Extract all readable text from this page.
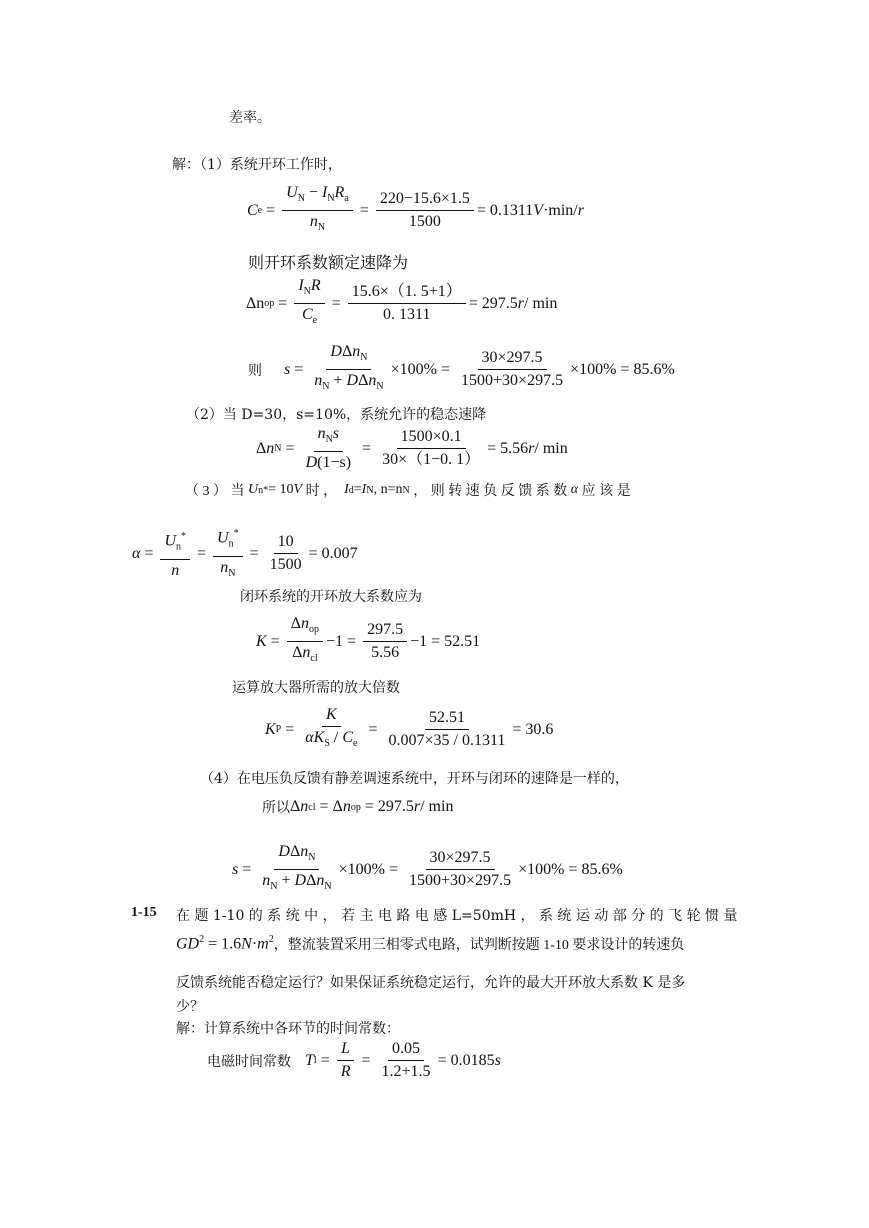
差率。
解：（1）系统开环工作时，
C $e = \frac{U_N - I_NR_a}{n_N} = \frac{220-15.6\times 1.5}{1500} = 0.1311$ V ·min/ r
则开环系数额定速降为
Δn op = $\frac{I_NR}{C_e} = \frac{15.6\times(1. 5+1)}{0. 1311} = 297.5$ r / min
则 $s = \frac{D\Delta n_N}{n_N + D\Delta n_N} \times 100\% = \frac{30\times 297.5}{1500+30\times 297.5} \times 100\% = 85.6\%$
（2）当 D=30，s=10%，系统允许的稳态速降
Δ n $N = \frac{n_Ns}{D(1-s)} = \frac{1500\times 0.1}{30\times(1-0. 1)} = 5.56$ r / min
（ 3 ） 当
U n * = 10 V
时 ，
I d = I N , n=n N
， 则 转 速 负 反 馈 系 数
α
应 该 是
$\alpha = \frac{U_n^*}{n} = \frac{U_n^*}{n_N} = \frac{10}{1500} = 0.007$
闭环系统的开环放大系数应为
$K = \frac{\Delta n_{op}}{\Delta n_{cl}} -1 = \frac{297.5}{5.56} -1 = 52.51$
运算放大器所需的放大倍数
K $P = \frac{K}{\alpha K_S / C_e} = \frac{52.51}{0.007\times 35 / 0.1311} = 30.6$
（4）在电压负反馈有静差调速系统中，开环与闭环的速降是一样的，
所以 Δ n cl = Δ n op
= 297.5 r / min
$s = \frac{D\Delta n_N}{n_N + D\Delta n_N} \times 100\% = \frac{30\times 297.5}{1500+30\times 297.5} \times 100\% = 85.6\%$
1-15 在 题 1-10 的 系 统 中 ， 若 主 电 路 电 感 L=50mH ， 系 统 运 动 部 分 的 飞 轮 惯 量
$GD^2 = 1.6N\cdot m^2$ ，整流装置采用三相零式电路，试判断按题 1-10 要求设计的转速负
反馈系统能否稳定运行？如果保证系统稳定运行，允许的最大开环放大系数 K 是多
少？
解：计算系统中各环节的时间常数：
电磁时间常数 T $l = \frac{L}{R} = \frac{0.05}{1.2+1.5} = 0.0185$ s
